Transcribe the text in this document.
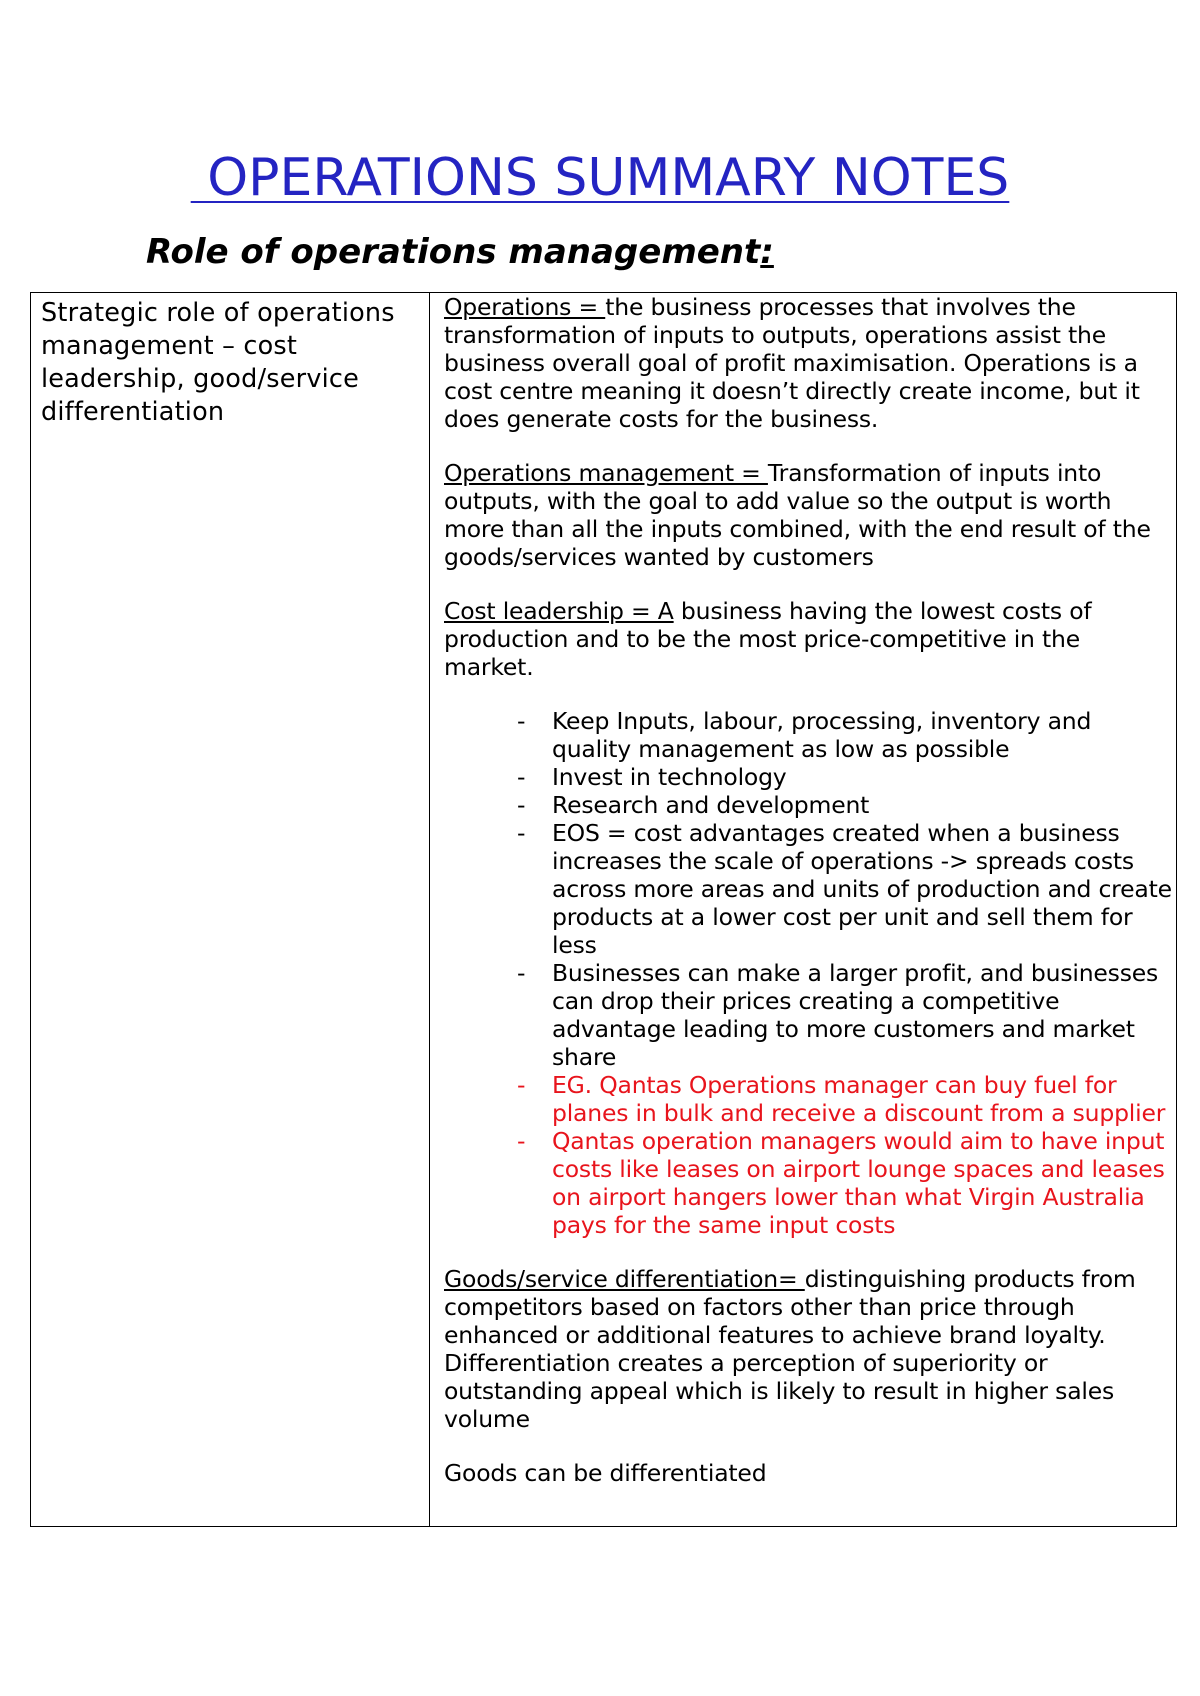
OPERATIONS SUMMARY NOTES
Role of operations management:
Strategic role of operations management – cost leadership, good/service differentiation

Operations = the business processes that involves the transformation of inputs to outputs, operations assist the business overall goal of profit maximisation. Operations is a cost centre meaning it doesn’t directly create income, but it does generate costs for the business.

Operations management = Transformation of inputs into outputs, with the goal to add value so the output is worth more than all the inputs combined, with the end result of the goods/services wanted by customers

Cost leadership = A business having the lowest costs of production and to be the most price-competitive in the market.

- Keep Inputs, labour, processing, inventory and quality management as low as possible
- Invest in technology
- Research and development
- EOS = cost advantages created when a business increases the scale of operations -> spreads costs across more areas and units of production and create products at a lower cost per unit and sell them for less
- Businesses can make a larger profit, and businesses can drop their prices creating a competitive advantage leading to more customers and market share
- EG. Qantas Operations manager can buy fuel for planes in bulk and receive a discount from a supplier
- Qantas operation managers would aim to have input costs like leases on airport lounge spaces and leases on airport hangers lower than what Virgin Australia pays for the same input costs

Goods/service differentiation= distinguishing products from competitors based on factors other than price through enhanced or additional features to achieve brand loyalty. Differentiation creates a perception of superiority or outstanding appeal which is likely to result in higher sales volume

Goods can be differentiated
